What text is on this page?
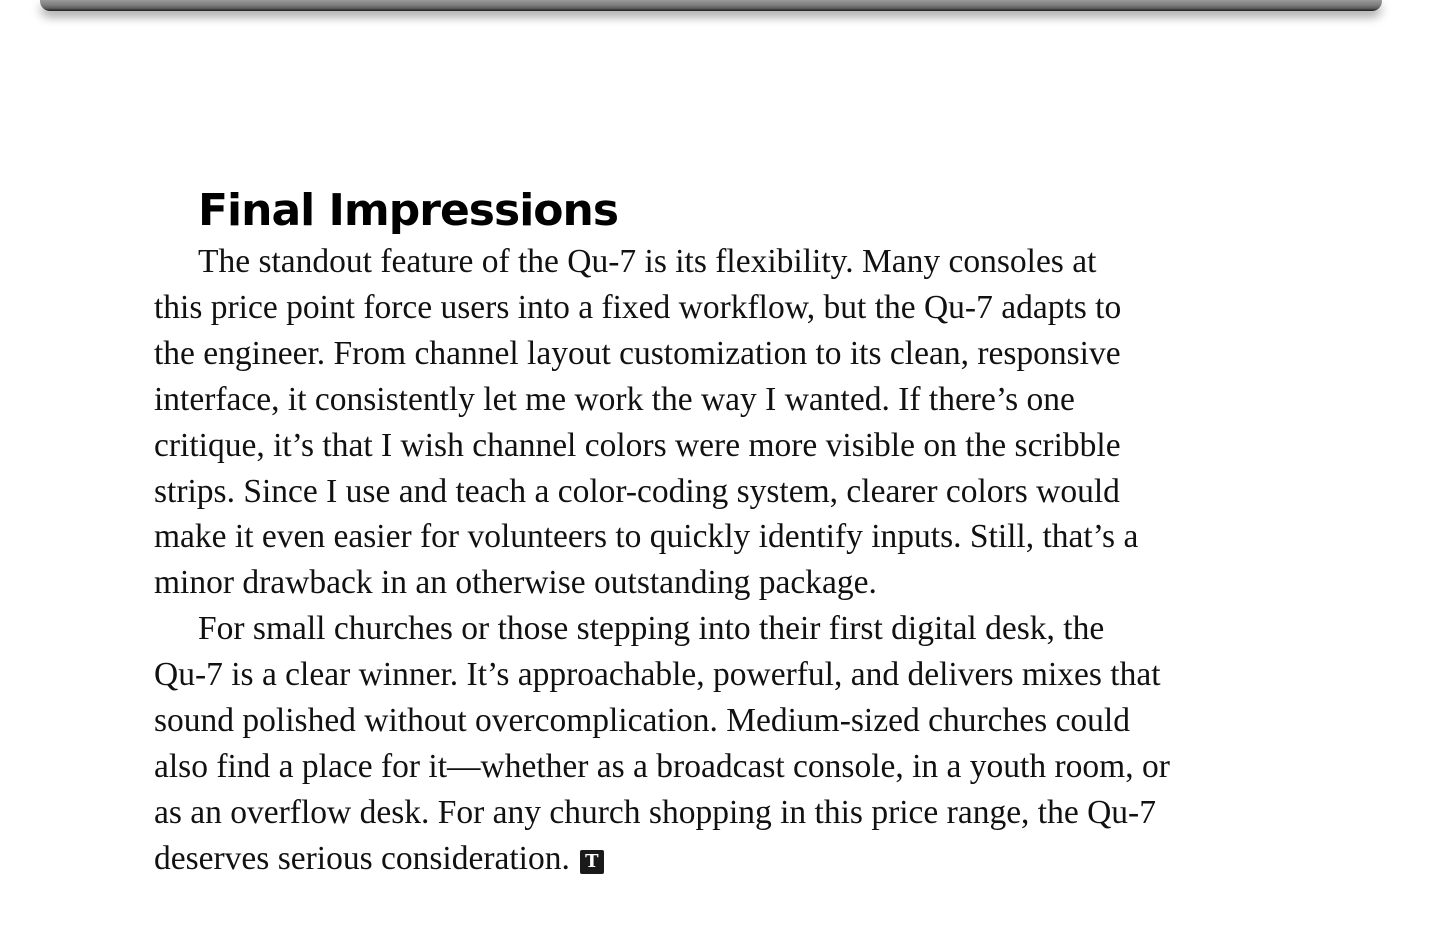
Final Impressions

The standout feature of the Qu-7 is its flexibility. Many consoles at
this price point force users into a fixed workflow, but the Qu-7 adapts to
the engineer. From channel layout customization to its clean, responsive
interface, it consistently let me work the way I wanted. If there’s one
critique, it’s that I wish channel colors were more visible on the scribble
strips. Since I use and teach a color-coding system, clearer colors would
make it even easier for volunteers to quickly identify inputs. Still, that’s a
minor drawback in an otherwise outstanding package.

For small churches or those stepping into their first digital desk, the
Qu-7 is a clear winner. It’s approachable, powerful, and delivers mixes that
sound polished without overcomplication. Medium-sized churches could
also find a place for it—whether as a broadcast console, in a youth room, or
as an overflow desk. For any church shopping in this price range, the Qu-7
deserves serious consideration. T
